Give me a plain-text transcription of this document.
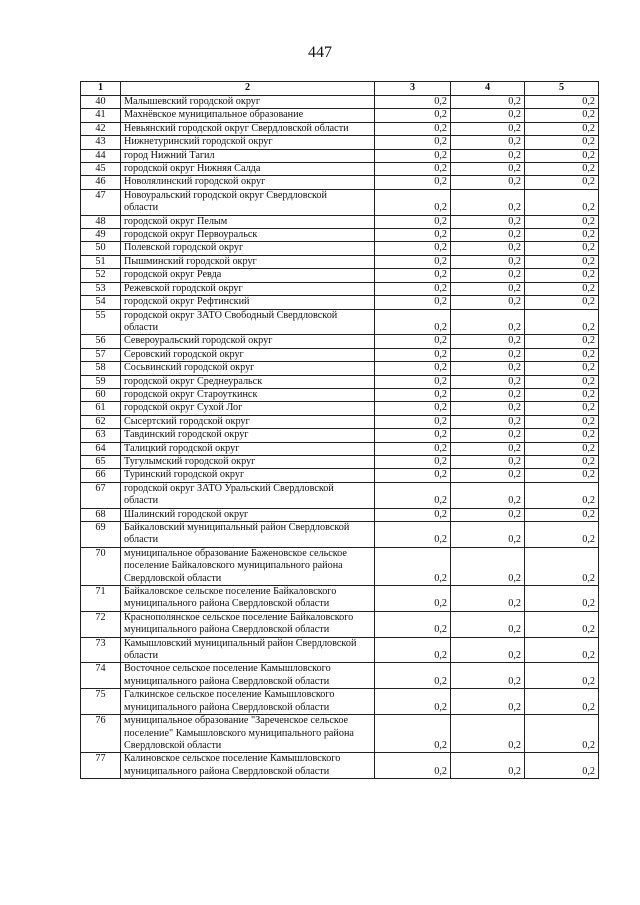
447
1	2	3	4	5
40	Малышевский городской округ	0,2	0,2	0,2
41	Махнёвское муниципальное образование	0,2	0,2	0,2
42	Невьянский городской округ Свердловской области	0,2	0,2	0,2
43	Нижнетуринский городской округ	0,2	0,2	0,2
44	город Нижний Тагил	0,2	0,2	0,2
45	городской округ Нижняя Салда	0,2	0,2	0,2
46	Новолялинский городской округ	0,2	0,2	0,2
47	Новоуральский городской округ Свердловской
области	0,2	0,2	0,2
48	городской округ Пелым	0,2	0,2	0,2
49	городской округ Первоуральск	0,2	0,2	0,2
50	Полевской городской округ	0,2	0,2	0,2
51	Пышминский городской округ	0,2	0,2	0,2
52	городской округ Ревда	0,2	0,2	0,2
53	Режевской городской округ	0,2	0,2	0,2
54	городской округ Рефтинский	0,2	0,2	0,2
55	городской округ ЗАТО Свободный Свердловской
области	0,2	0,2	0,2
56	Североуральский городской округ	0,2	0,2	0,2
57	Серовский городской округ	0,2	0,2	0,2
58	Сосьвинский городской округ	0,2	0,2	0,2
59	городской округ Среднеуральск	0,2	0,2	0,2
60	городской округ Староуткинск	0,2	0,2	0,2
61	городской округ Сухой Лог	0,2	0,2	0,2
62	Сысертский городской округ	0,2	0,2	0,2
63	Тавдинский городской округ	0,2	0,2	0,2
64	Талицкий городской округ	0,2	0,2	0,2
65	Тугулымский городской округ	0,2	0,2	0,2
66	Туринский городской округ	0,2	0,2	0,2
67	городской округ ЗАТО Уральский Свердловской
области	0,2	0,2	0,2
68	Шалинский городской округ	0,2	0,2	0,2
69	Байкаловский муниципальный район Свердловской
области	0,2	0,2	0,2
70	муниципальное образование Баженовское сельское
поселение Байкаловского муниципального района
Свердловской области	0,2	0,2	0,2
71	Байкаловское сельское поселение Байкаловского
муниципального района Свердловской области	0,2	0,2	0,2
72	Краснополянское сельское поселение Байкаловского
муниципального района Свердловской области	0,2	0,2	0,2
73	Камышловский муниципальный район Свердловской
области	0,2	0,2	0,2
74	Восточное сельское поселение Камышловского
муниципального района Свердловской области	0,2	0,2	0,2
75	Галкинское сельское поселение Камышловского
муниципального района Свердловской области	0,2	0,2	0,2
76	муниципальное образование "Зареченское сельское
поселение" Камышловского муниципального района
Свердловской области	0,2	0,2	0,2
77	Калиновское сельское поселение Камышловского
муниципального района Свердловской области	0,2	0,2	0,2
